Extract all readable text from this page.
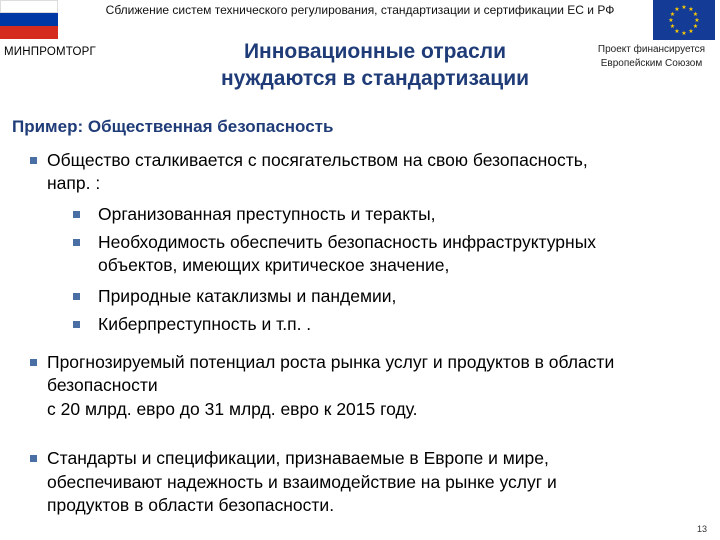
Сближение систем технического регулирования, стандартизации и сертификации ЕС и РФ
МИНПРОМТОРГ	Инновационные отрасли
нуждаются в стандартизации
★ ★
★
★
★
★
★
★
★
★
★
★
Проект финансируется
Европейским Союзом
Пример: Общественная безопасность
Общество сталкивается с посягательством на свою безопасность,
напр. :
Организованная преступность и теракты,
Необходимость обеспечить безопасность инфраструктурных
объектов, имеющих критическое значение,
Природные катаклизмы и пандемии,
Киберпреступность и т.п. .
Прогнозируемый потенциал роста рынка услуг и продуктов в области
безопасности
с 20 млрд. евро до 31 млрд. евро к 2015 году.
Стандарты и спецификации, признаваемые в Европе и мире,
обеспечивают надежность и взаимодействие на рынке услуг и
продуктов в области безопасности.
13
